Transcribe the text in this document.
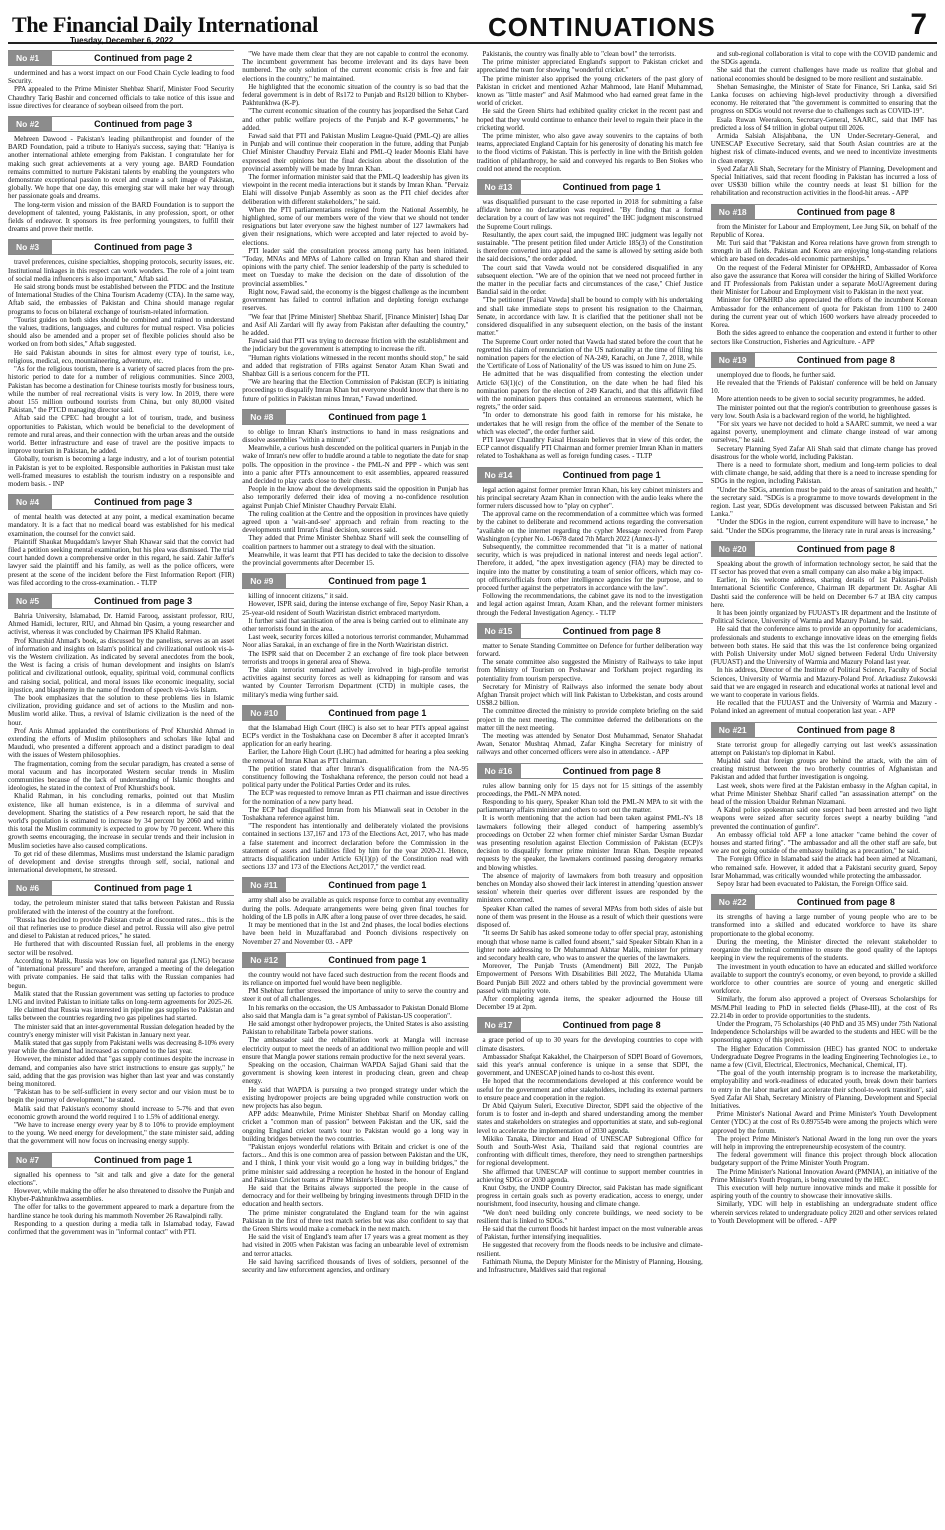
The Financial Daily International
Tuesday, December 6, 2022	CONTINUATIONS	7
No #1	Continued from page 2

undermined and has a worst impact on our Food Chain Cycle leading to food Security.

PPA appealed to the Prime Minister Shehbaz Sharif, Minister Food Security Chaudhry Tariq Bashir and concerned officials to take notice of this issue and issue directives for clearance of soybean oilseed from the port.

No #2	Continued from page 3

Mehreen Dawood - Pakistan's leading philanthropist and founder of the BARD Foundation, paid a tribute to Haniya's success, saying that: "Haniya is another international athlete emerging from Pakistan. I congratulate her for making such great achievements at a very young age. BARD Foundation remains committed to nurture Pakistani talents by enabling the youngsters who demonstrate exceptional passion to excel and create a soft image of Pakistan, globally. We hope that one day, this emerging star will make her way through her passionate goals and dreams.

The long-term vision and mission of the BARD Foundation is to support the development of talented, young Pakistanis, in any profession, sport, or other fields of endeavor. It sponsors its free performing youngsters, to fulfill their dreams and prove their mettle.

No #3	Continued from page 3

travel preferences, cuisine specialties, shopping protocols, security issues, etc. Institutional linkages in this respect can work wonders. The role of a joint team of social media influencers is also important," Aftab said.

He said strong bonds must be established between the PTDC and the Institute of International Studies of the China Tourism Academy (CTA). In the same way, Aftab said, the embassies of Pakistan and China should manage regular programs to focus on bilateral exchange of tourism-related information.

"Tourist guides on both sides should be combined and trained to understand the values, traditions, languages, and cultures for mutual respect. Visa policies should also be amended and a proper set of flexible policies should also be worked on from both sides," Aftab suggested.

He said Pakistan abounds in sites for almost every type of tourist, i.e., religious, medical, eco, mountaineering, adventure, etc.

"As for the religious tourism, there is a variety of sacred places from the pre-historic period to date for a number of religious communities. Since 2003, Pakistan has become a destination for Chinese tourists mostly for business tours, while the number of real recreational visits is very low. In 2019, there were about 155 million outbound tourists from China, but only 80,000 visited Pakistan," the PTCD managing director said.

Aftab said the CPEC had brought a lot of tourism, trade, and business opportunities to Pakistan, which would be beneficial to the development of remote and rural areas, and their connection with the urban areas and the outside world. Better infrastructure and ease of travel are the positive impacts to improve tourism in Pakistan, he added.

Globally, tourism is becoming a large industry, and a lot of tourism potential in Pakistan is yet to be exploited. Responsible authorities in Pakistan must take well-framed measures to establish the tourism industry on a responsible and modern basis. - INP

No #4	Continued from page 3

of mental health was detected at any point, a medical examination became mandatory. It is a fact that no medical board was established for his medical examination, the counsel for the convict said.

Plaintiff Shaukat Muqaddam's lawyer Shah Khawar said that the convict had filed a petition seeking mental examination, but his plea was dismissed. The trial court handed down a comprehensive order in this regard, he said. Zahir Jaffer's lawyer said the plaintiff and his family, as well as the police officers, were present at the scene of the incident before the First Information Report (FIR) was filed according to the cross-examination. - TLTP

No #5	Continued from page 3

Bahria University, Islamabad, Dr. Hamid Farooq, assistant professor, RIU, Ahmed Hamidi, lecturer, RIU, and Ahmad bin Qasim, a young researcher and activist, whereas it was concluded by Chairman IPS Khalid Rahman.

Prof Khurshid Ahmad's book, as discussed by the panelists, serves as an asset of information and insights on Islam's political and civilizational outlook vis-à-vis the Western civilization. As indicated by several anecdotes from the book, the West is facing a crisis of human development and insights on Islam's political and civilizational outlook, equality, spiritual void, communal conflicts and raising social, political, and moral issues like economic inequality, social injustice, and blasphemy in the name of freedom of speech vis-à-vis Islam.

The book emphasizes that the solution to these problems lies in Islamic civilization, providing guidance and set of actions to the Muslim and non-Muslim world alike. Thus, a revival of Islamic civilization is the need of the hour.

Prof Anis Ahmad applauded the contributions of Prof Khurshid Ahmad in extending the efforts of Muslim philosophers and scholars like Iqbal and Maududi, who presented a different approach and a distinct paradigm to deal with the issues of Western philosophies.

The fragmentation, coming from the secular paradigm, has created a sense of moral vacuum and has incorporated Western secular trends in Muslim communities because of the lack of understanding of Islamic thoughts and ideologies, he stated in the context of Prof Khurshid's book.

Khalid Rahman, in his concluding remarks, pointed out that Muslim existence, like all human existence, is in a dilemma of survival and development. Sharing the statistics of a Pew research report, he said that the world's population is estimated to increase by 34 percent by 2060 and within this total the Muslim community is expected to grow by 70 percent. Where this growth seems encouraging, the increase in secular trends and their inclusion in Muslim societies have also caused complications.

To get rid of these dilemmas, Muslims must understand the Islamic paradigm of development and devise strengths through self, social, national and international development, he stressed.

No #6	Continued from page 1

today, the petroleum minister stated that talks between Pakistan and Russia proliferated with the interest of the country at the forefront.

"Russia has decided to provide Pakistan crude at discounted rates... this is the oil that refineries use to produce diesel and petrol. Russia will also give petrol and diesel to Pakistan at reduced prices," he stated.

He furthered that with discounted Russian fuel, all problems in the energy sector will be resolved.

According to Malik, Russia was low on liquefied natural gas (LNG) because of "international pressure" and therefore, arranged a meeting of the delegation with private companies. He said that talks with the Russian companies had begun.

Malik stated that the Russian government was setting up factories to produce LNG and invited Pakistan to initiate talks on long-term agreements for 2025-26.

He claimed that Russia was interested in pipeline gas supplies to Pakistan and talks between the countries regarding two gas pipelines had started.

The minister said that an inter-governmental Russian delegation headed by the country's energy minister will visit Pakistan in January next year.

Malik stated that gas supply from Pakistani wells was decreasing 8-10% every year while the demand had increased as compared to the last year.

However, the minister added that "gas supply continues despite the increase in demand, and companies also have strict instructions to ensure gas supply," he said, adding that the gas provision was higher than last year and was constantly being monitored.

"Pakistan has to be self-sufficient in every sector and our vision must be to begin the journey of development," he stated.

Malik said that Pakistan's economy should increase to 5-7% and that even economic growth around the world required 1 to 1.5% of additional energy.

"We have to increase energy every year by 8 to 10% to provide employment to the young. We need energy for development," the state minister said, adding that the government will now focus on increasing energy supply.

No #7	Continued from page 1

signalled his openness to "sit and talk and give a date for the general elections".

However, while making the offer he also threatened to dissolve the Punjab and Khyber-Pakhtunkhwa assemblies.

The offer for talks to the government appeared to mark a departure from the hardline stance he took during his mammoth November 26 Rawalpindi rally.

Responding to a question during a media talk in Islamabad today, Fawad confirmed that the government was in "informal contact" with PTI.

"We have made them clear that they are not capable to control the economy. The incumbent government has become irrelevant and its days have been numbered. The only solution of the current economic crisis is free and fair elections in the country," he maintained.

He highlighted that the economic situation of the country is so bad that the federal government is in debt of Rs172 to Punjab and Rs120 billion to Khyber-Pakhtunkhwa (K-P).

"The current economic situation of the country has jeopardised the Sehat Card and other public welfare projects of the Punjab and K-P governments," he added.

Fawad said that PTI and Pakistan Muslim League-Quaid (PML-Q) are allies in Punjab and will continue their cooperation in the future, adding that Punjab Chief Minister Chaudhry Pervaiz Elahi and PML-Q leader Moonis Elahi have expressed their opinions but the final decision about the dissolution of the provincial assembly will be made by Imran Khan.

The former information minister said that the PML-Q leadership has given its viewpoint in the recent media interactions but it stands by Imran Khan. "Pervaiz Elahi will dissolve Punjab Assembly as soon as the PTI chief decides after deliberation with different stakeholders," he said.

When the PTI parliamentarians resigned from the National Assembly, he highlighted, some of our members were of the view that we should not tender resignations but later everyone saw the highest number of 127 lawmakers had given their resignations, which were accepted and later rejected to avoid by-elections.

PTI leader said the consultation process among party has been initiated. "Today, MNAs and MPAs of Lahore called on Imran Khan and shared their opinions with the party chief. The senior leadership of the party is scheduled to meet on Tuesday to make the decision on the date of dissolution of the provincial assemblies."

Right now, Fawad said, the economy is the biggest challenge as the incumbent government has failed to control inflation and depleting foreign exchange reserves.

"We fear that [Prime Minister] Shehbaz Sharif, [Finance Minister] Ishaq Dar and Asif Ali Zardari will fly away from Pakistan after defaulting the country," he added.

Fawad said that PTI was trying to decrease friction with the establishment and the judiciary but the government is attempting to increase the rift.

"Human rights violations witnessed in the recent months should stop," he said and added that registration of FIRs against Senator Azam Khan Swati and Shahbaz Gill is a serious concern for the PTI.

"We are hearing that the Election Commission of Pakistan (ECP) is initiating proceedings to disqualify Imran Khan but everyone should know that there is no future of politics in Pakistan minus Imran," Fawad underlined.

No #8	Continued from page 1

to oblige to Imran Khan's instructions to hand in mass resignations and dissolve assemblies "within a minute".

Meanwhile, a curious hush descended on the political quarters in Punjab in the wake of Imran's new offer to huddle around a table to negotiate the date for snap polls. The opposition in the province - the PML-N and PPP - which was sent into a panic after PTI's announcement to exit assemblies, appeared reassured and decided to play cards close to their chests.

People in the know about the developments said the opposition in Punjab has also temporarily deferred their idea of moving a no-confidence resolution against Punjab Chief Minister Chaudhry Pervaiz Elahi.

The ruling coalition at the Centre and the opposition in provinces have quietly agreed upon a 'wait-and-see' approach and refrain from reacting to the developments until Imran's final decision, sources said.

They added that Prime Minister Shehbaz Sharif will seek the counselling of coalition partners to hammer out a strategy to deal with the situation.

Meanwhile, it was learnt that PTI has decided to take the decision to dissolve the provincial governments after December 15.

No #9	Continued from page 1

killing of innocent citizens," it said.

However, ISPR said, during the intense exchange of fire, Sepoy Nasir Khan, a 25-year-old resident of South Waziristan district embraced martyrdom.

It further said that sanitisation of the area is being carried out to eliminate any other terrorists found in the area.

Last week, security forces killed a notorious terrorist commander, Muhammad Noor alias Sarakai, in an exchange of fire in the North Waziristan district.

The ISPR said that on December 2 an exchange of fire took place between terrorists and troops in general area of Shewa.

The slain terrorist remained actively involved in high-profile terrorist activities against security forces as well as kidnapping for ransom and was wanted by Counter Terrorism Department (CTD) in multiple cases, the military's media wing further said.

No #10	Continued from page 1

that the Islamabad High Court (IHC) is also set to hear PTI's appeal against ECP's verdict in the Toshakhana case on December 8 after it accepted Imran's application for an early hearing.

Earlier, the Lahore High Court (LHC) had admitted for hearing a plea seeking the removal of Imran Khan as PTI chairman.

The petition stated that after Imran's disqualification from the NA-95 constituency following the Toshakhana reference, the person could not head a political party under the Political Parties Order and its rules.

The ECP was requested to remove Imran as PTI chairman and issue directives for the nomination of a new party head.

The ECP had disqualified Imran from his Mianwali seat in October in the Toshakhana reference against him.

"The respondent has intentionally and deliberately violated the provisions contained in sections 137,167 and 173 of the Elections Act, 2017, who has made a false statement and incorrect declaration before the Commission in the statement of assets and liabilities filed by him for the year 2020-21. Hence, attracts disqualification under Article 63(1)(p) of the Constitution read with sections 137 and 173 of the Elections Act,2017," the verdict read.

No #11	Continued from page 1

army shall also be available as quick response force to combat any eventuality during the polls. Adequate arrangements were being given final touches for holding of the LB polls in AJK after a long pause of over three decades, he said.

It may be mentioned that in the 1st and 2nd phases, the local bodies elections have been held in Muzaffarabad and Poonch divisions respectively on November 27 and November 03. - APP

No #12	Continued from page 1

the country would not have faced such destruction from the recent floods and its reliance on imported fuel would have been negligible.

PM Shehbaz further stressed the importance of unity to serve the country and steer it out of all challenges.

In his remarks on the occasion, the US Ambassador to Pakistan Donald Blome also said that Mangla dam is "a great symbol of Pakistan-US cooperation".

He said amongst other hydropower projects, the United States is also assisting Pakistan to rehabilitate Tarbela power stations.

The ambassador said the rehabilitation work at Mangla will increase electricity output to meet the needs of an additional two million people and will ensure that Mangla power stations remain productive for the next several years.

Speaking on the occasion, Chairman WAPDA Sajjad Ghani said that the government is showing keen interest in producing clean, green and cheap energy.

He said that WAPDA is pursuing a two pronged strategy under which the existing hydropower projects are being upgraded while construction work on new projects has also begun.

APP adds: Meanwhile, Prime Minister Shehbaz Sharif on Monday calling cricket a "common man of passion" between Pakistan and the UK, said the ongoing England cricket team's tour to Pakistan would go a long way in building bridges between the two countries.

"Pakistan enjoys wonderful relations with Britain and cricket is one of the factors... And this is one common area of passion between Pakistan and the UK, and I think, I think your visit would go a long way in building bridges," the prime minister said addressing a reception he hosted in the honour of England and Pakistan Cricket teams at Prime Minister's House here.

He said that the Britains always supported the people in the cause of democracy and for their wellbeing by bringing investments through DFID in the education and health sectors.

The prime minister congratulated the England team for the win against Pakistan in the first of three test match series but was also confident to say that the Green Shirts would make a comeback in the next match.

He said the visit of England's team after 17 years was a great moment as they had visited in 2005 when Pakistan was facing an unbearable level of extremism and terror attacks.

He said having sacrificed thousands of lives of soldiers, personnel of the security and law enforcement agencies, and ordinary

Pakistanis, the country was finally able to "clean bowl" the terrorists.

The prime minister appreciated England's support to Pakistan cricket and appreciated the team for showing "wonderful cricket."

The prime minister also apprised the young cricketers of the past glory of Pakistan in cricket and mentioned Azhar Mahmood, late Hanif Muhammad, known as "little master" and Asif Mahmood who had earned great fame in the world of cricket.

He said the Green Shirts had exhibited quality cricket in the recent past and hoped that they would continue to enhance their level to regain their place in the cricketing world.

The prime minister, who also gave away souvenirs to the captains of both teams, appreciated England Captain for his generosity of donating his match fee to the flood victims of Pakistan. This is perfectly in line with the British golden tradition of philanthropy, he said and conveyed his regards to Ben Stokes who could not attend the reception.

No #13	Continued from page 1

was disqualified pursuant to the case reported in 2018 for submitting a false affidavit hence no declaration was required. "By finding that a formal declaration by a court of law was not required" the IHC judgment misconstrued the Supreme Court rulings.

Resultantly, the apex court said, the impugned IHC judgment was legally not sustainable. "The present petition filed under Article 185(3) of the Constitution is therefore converted into appeal and the same is allowed by setting aside both the said decisions," the order added.

The court said that Vawda would not be considered disqualified in any subsequent election. "We are of the opinion that we need not proceed further in the matter in the peculiar facts and circumstances of the case," Chief Justice Bandial said in the order.

"The petitioner [Faisal Vawda] shall be bound to comply with his undertaking and shall take immediate steps to present his resignation to the Chairman, Senate, in accordance with law. It is clarified that the petitioner shall not be considered disqualified in any subsequent election, on the basis of the instant matter."

The Supreme Court order noted that Vawda had stated before the court that he regretted his claim of renunciation of the US nationality at the time of filing his nomination papers for the election of NA-249, Karachi, on June 7, 2018, while the 'Certificate of Loss of Nationality' of the US was issued to him on June 25.

He admitted that he was disqualified from contesting the election under Article 63(1)(c) of the Constitution, on the date when he had filed his nomination papers for the election of 249 Karachi, and that this affidavit filed with the nomination papers thus contained an erroneous statement, which he regrets," the order said.

"In order to demonstrate his good faith in remorse for his mistake, he undertakes that he will resign from the office of the member of the Senate to which was elected", the order further said.

PTI lawyer Chaudhry Faisal Hussain believes that in view of this order, the ECP cannot disqualify PTI Chairman and former premier Imran Khan in matters related to Toshakhana as well as foreign funding cases. - TLTP

No #14	Continued from page 1

legal action against former premier Imran Khan, his key cabinet ministers and his principal secretary Azam Khan in connection with the audio leaks where the former rulers discussed how to "play on cypher".

The approval came on the recommendation of a committee which was formed by the cabinet to deliberate and recommend actions regarding the conversation "available on the internet regarding the cypher Message received from Parep Washington (cypher No. 1-0678 dated 7th March 2022 (Annex-I)".

Subsequently, the committee recommended that "it is a matter of national security, which is was prejudiced in national interest and needs legal action". Therefore, it added, "the apex investigation agency (FIA) may be directed to inquire into the matter by constituting a team of senior officers, which may co-opt officers/officials from other intelligence agencies for the purpose, and to proceed further against the perpetrators in accordance with the law".

Following the recommendations, the cabinet gave its nod to the investigation and legal action against Imran, Azam Khan, and the relevant former ministers through the Federal Investigation Agency. - TLTP

No #15	Continued from page 8

matter to Senate Standing Committee on Defence for further deliberation way forward.

The senate committee also suggested the Ministry of Railways to take input from Ministry of Tourism on Peshawar and Torkham project regarding its potentiality from tourism perspective.

Secretary for Ministry of Railways also informed the senate body about Afghan Transit project which will link Pakistan to Uzbekistan, and costs around US$8.2 billion.

The committee directed the ministry to provide complete briefing on the said project in the next meeting. The committee deferred the deliberations on the matter till the next meeting.

The meeting was attended by Senator Dost Muhammad, Senator Shahadat Awan, Senator Mushtaq Ahmad, Zafar Kingha Secretary for ministry of railways and other concerned officers were also in attendance. - APP

No #16	Continued from page 8

rules allow banning only for 15 days not for 15 sittings of the assembly proceedings, the PML-N MPA noted.

Responding to his query, Speaker Khan told the PML-N MPA to sit with the parliamentary affairs minister and others to sort out the matter.

It is worth mentioning that the action had been taken against PML-N's 18 lawmakers following their alleged conduct of hampering assembly's proceedings on October 22 when former chief minister Sardar Usman Buzdar was presenting resolution against Election Commission of Pakistan (ECP)'s decision to disqualify former prime minister Imran Khan. Despite repeated requests by the speaker, the lawmakers continued passing derogatory remarks and blowing whistles.

The absence of majority of lawmakers from both treasury and opposition benches on Monday also showed their lack interest in attending 'question answer session' wherein their queries over different issues are responded by the ministers concerned.

Speaker Khan called the names of several MPAs from both sides of aisle but none of them was present in the House as a result of which their questions were disposed of.

"It seems Dr Sahib has asked someone today to offer special pray, astonishing enough that whose name is called found absent," said Speaker Sibtain Khan in a lighter note addressing to Dr Muhammad Akhtar Malik, minister for primary and secondary health care, who was to answer the queries of the lawmakers.

Moreover, The Punjab Trusts (Amendment) Bill 2022, The Punjab Empowerment of Persons With Disabilities Bill 2022, The Mutahida Ulama Board Punjab Bill 2022 and others tabled by the provincial government were passed with majority vote.

After completing agenda items, the speaker adjourned the House till December 19 at 2pm.

No #17	Continued from page 8

a grace period of up to 30 years for the developing countries to cope with climate disasters.

Ambassador Shafqat Kakakhel, the Chairperson of SDPI Board of Governors, said this year's annual conference is unique in a sense that SDPI, the government, and UNESCAP joined hands to co-host this event.

He hoped that the recommendations developed at this conference would be useful for the government and other stakeholders, including its external partners to ensure peace and cooperation in the region.

Dr Abid Qaiyum Suleri, Executive Director, SDPI said the objective of the forum is to foster and in-depth and shared understanding among the member states and stakeholders on strategies and opportunities at state, and sub-regional level to accelerate the implementation of 2030 agenda.

Mikiko Tanaka, Director and Head of UNESCAP Subregional Office for South and South-West Asia, Thailand said that regional countries are confronting with difficult times, therefore, they need to strengthen partnerships for regional development.

She affirmed that UNESCAP will continue to support member countries in achieving SDGs or 2030 agenda.

Knut Ostby, the UNDP Country Director, said Pakistan has made significant progress in certain goals such as poverty eradication, access to energy, under nourishment, food insecurity, housing and climate change.

"We don't need building only concrete buildings, we need society to be resilient that is linked to SDGs."

He said that the current floods hit hardest impact on the most vulnerable areas of Pakistan, further intensifying inequalities.

He suggested that recovery from the floods needs to be inclusive and climate-resilient.

Fathimath Niuma, the Deputy Minister for the Ministry of Planning, Housing, and Infrastructure, Maldives said that regional

and sub-regional collaboration is vital to cope with the COVID pandemic and the SDGs agenda.

She said that the current challenges have made us realize that global and national economies should be designed to be more resilient and sustainable.

Shehan Semasinghe, the Minister of State for Finance, Sri Lanka, said Sri Lanka focuses on achieving high-level productivity through a diversified economy. He reiterated that "the government is committed to ensuring that the progress on SDGs would not reverse due to challenges such as COVID-19".

Esala Ruwan Weerakoon, Secretary-General, SAARC, said that IMF has predicted a loss of $4 trillion in global output till 2026.

Armida Salsiah Alisjahbana, the UN Under-Secretary-General, and UNESCAP Executive Secretary, said that South Asian countries are at the highest risk of climate-induced events, and we need to incentivize investments in clean energy.

Syed Zafar Ali Shah, Secretary for the Ministry of Planning, Development and Special Initiatives, said that recent flooding in Pakistan has incurred a loss of over US$30 billion while the country needs at least $1 billion for the rehabilitation and reconstruction activities in the flood-hit areas. - APP

No #18	Continued from page 8

from the Minister for Labour and Employment, Lee Jung Sik, on behalf of the Republic of Korea.

Mr. Turi said that "Pakistan and Korea relations have grown from strength to strength in all fields. Pakistan and Korea are enjoying long-standing relations which are based on decades-old economic partnerships."

On the request of the Federal Minister for OP&HRD, Ambassador of Korea also gave the assurance that Korea will consider the hiring of Skilled Workforce and IT Professionals from Pakistan under a separate MoU/Agreement during their Minister for Labour and Employment visit to Pakistan in the next year.

Minister for OP&HRD also appreciated the efforts of the incumbent Korean Ambassador for the enhancement of quota for Pakistan from 1100 to 2400 during the current year out of which 1600 workers have already proceeded to Korea.

Both the sides agreed to enhance the cooperation and extend it further to other sectors like Construction, Fisheries and Agriculture. - APP

No #19	Continued from page 8

unemployed due to floods, he further said.

He revealed that the 'Friends of Pakistan' conference will be held on January 10.

More attention needs to be given to social security programmes, he added.

The minister pointed out that the region's contribution to greenhouse gasses is very low. South Asia is a backward region of the world, he highlighted.

"For six years we have not decided to hold a SAARC summit, we need a war against poverty, unemployment and climate change instead of war among ourselves," he said.

Secretary Planning Syed Zafar Ali Shah said that climate change has proved disastrous for the whole world, including Pakistan.

There is a need to formulate short, medium and long-term policies to deal with climate change, he said, adding that there is a need to increase spending for SDGs in the region, including Pakistan.

"Under the SDGs, attention must be paid to the areas of sanitation and health," the secretary said. "SDGs is a programme to move towards development in the region. Last year, SDGs development was discussed between Pakistan and Sri Lanka."

"Under the SDGs in the region, current expenditure will have to increase," he said. "Under the SDGs programme, the literacy rate in rural areas is increasing."

No #20	Continued from page 8

Speaking about the growth of information technology sector, he said that the IT sector has proved that even a small company can also make a big impact.

Earlier, in his welcome address, sharing details of 1st Pakistani-Polish International Scientific Conference, Chairman IR department Dr. Asghar Ali Dashti said the conference will be held on December 6-7 at IBA city campus here.

It has been jointly organized by FUUAST's IR department and the Institute of Political Science, University of Warmia and Mazury Poland, he said.

He said that the conference aims to provide an opportunity for academicians, professionals and students to exchange innovative ideas on the emerging fields between both states. He said that this was the 1st conference being organized with Polish University under MoU signed between Federal Urdu University (FUUAST) and the University of Warmia and Mazury Poland last year.

In his address, Director of the Institute of Political Science, Faculty of Social Sciences, University of Warmia and Mazury-Poland Prof. Arkadiusz Zukowski said that we are engaged in research and educational works at national level and we want to cooperate in various fields.

He recalled that the FUUAST and the University of Warmia and Mazury - Poland inked an agreement of mutual cooperation last year. - APP

No #21	Continued from page 8

State terrorist group for allegedly carrying out last week's assassination attempt on Pakistan's top diplomat in Kabul.

Mujahid said that foreign groups are behind the attack, with the aim of creating mistrust between the two brotherly countries of Afghanistan and Pakistan and added that further investigation is ongoing.

Last week, shots were fired at the Pakistan embassy in the Afghan capital, in what Prime Minister Shehbaz Sharif called "an assassination attempt" on the head of the mission Ubaidur Rehman Nizamani.

A Kabul police spokesman said one suspect had been arrested and two light weapons were seized after security forces swept a nearby building "and prevented the continuation of gunfire".

An embassy official told AFP a lone attacker "came behind the cover of houses and started firing". "The ambassador and all the other staff are safe, but we are not going outside of the embassy building as a precaution," he said.

The Foreign Office in Islamabad said the attack had been aimed at Nizamani, who remained safe. However, it added that a Pakistani security guard, Sepoy Israr Mohammad, was critically wounded while protecting the ambassador.

Sepoy Israr had been evacuated to Pakistan, the Foreign Office said.

No #22	Continued from page 8

its strengths of having a large number of young people who are to be transformed into a skilled and educated workforce to have its share proportionate to the global economy.

During the meeting, the Minister directed the relevant stakeholder to reorganize the technical committee to ensure the good quality of the laptops keeping in view the requirements of the students.

The investment in youth education to have an educated and skilled workforce available to support the country's economy, or even beyond, to provide a skilled workforce to other countries are source of young and energetic skilled workforce.

Similarly, the forum also approved a project of Overseas Scholarships for MS/M.Phil leading to PhD in selected fields (Phase-III), at the cost of Rs 22.214b in order to provide opportunities to the students.

Under the Program, 75 Scholarships (40 PhD and 35 MS) under 75th National Independence Scholarships will be awarded to the students and HEC will be the sponsoring agency of this project.

The Higher Education Commission (HEC) has granted NOC to undertake Undergraduate Degree Programs in the leading Engineering Technologies i.e., to name a few (Civil, Electrical, Electronics, Mechanical, Chemical, IT).

"The goal of the youth internship program is to increase the marketability, employability and work-readiness of educated youth, break down their barriers to entry in the labor market and accelerate their school-to-work transition", said Syed Zafar Ali Shah, Secretary Ministry of Planning, Development and Special Initiatives.

Prime Minister's National Award and Prime Minister's Youth Development Center (YDC) at the cost of Rs 0.897554b were among the projects which were approved by the forum.

The project Prime Minister's National Award in the long run over the years will help in improving the entrepreneurship ecosystem of the country.

The federal government will finance this project through block allocation budgetary support of the Prime Minister Youth Program.

The Prime Minister's National Innovation Award (PMNIA), an initiative of the Prime Minister's Youth Program, is being executed by the HEC.

This execution will help nurture innovative minds and make it possible for aspiring youth of the country to showcase their innovative skills.

Similarly, YDC will help in establishing an undergraduate student office wherein services related to undergraduate policy 2020 and other services related to Youth Development will be offered. - APP
